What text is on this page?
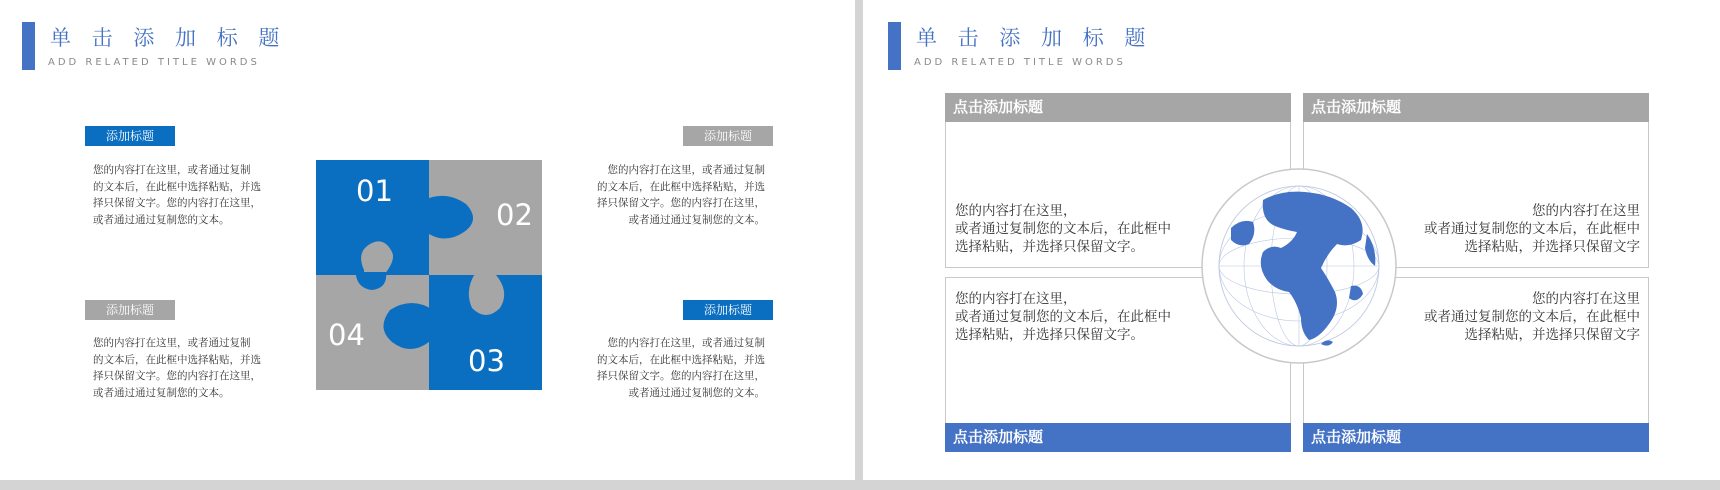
单 击 添 加 标 题
ADD RELATED TITLE WORDS
添加标题
您的内容打在这里，或者通过复制
的文本后，在此框中选择粘贴，并选
择只保留文字。您的内容打在这里，
或者通过通过复制您的文本。
添加标题
您的内容打在这里，或者通过复制
的文本后，在此框中选择粘贴，并选
择只保留文字。您的内容打在这里，
或者通过通过复制您的文本。
添加标题
您的内容打在这里，或者通过复制
的文本后，在此框中选择粘贴，并选
择只保留文字。您的内容打在这里，
或者通过通过复制您的文本。
添加标题
您的内容打在这里，或者通过复制
的文本后，在此框中选择粘贴，并选
择只保留文字。您的内容打在这里，
或者通过通过复制您的文本。
01
02
03
04
单 击 添 加 标 题
ADD RELATED TITLE WORDS
点击添加标题
您的内容打在这里，
或者通过复制您的文本后，在此框中
选择粘贴，并选择只保留文字。
点击添加标题
您的内容打在这里
或者通过复制您的文本后，在此框中
选择粘贴，并选择只保留文字
点击添加标题
您的内容打在这里，
或者通过复制您的文本后，在此框中
选择粘贴，并选择只保留文字。
点击添加标题
您的内容打在这里
或者通过复制您的文本后，在此框中
选择粘贴，并选择只保留文字
